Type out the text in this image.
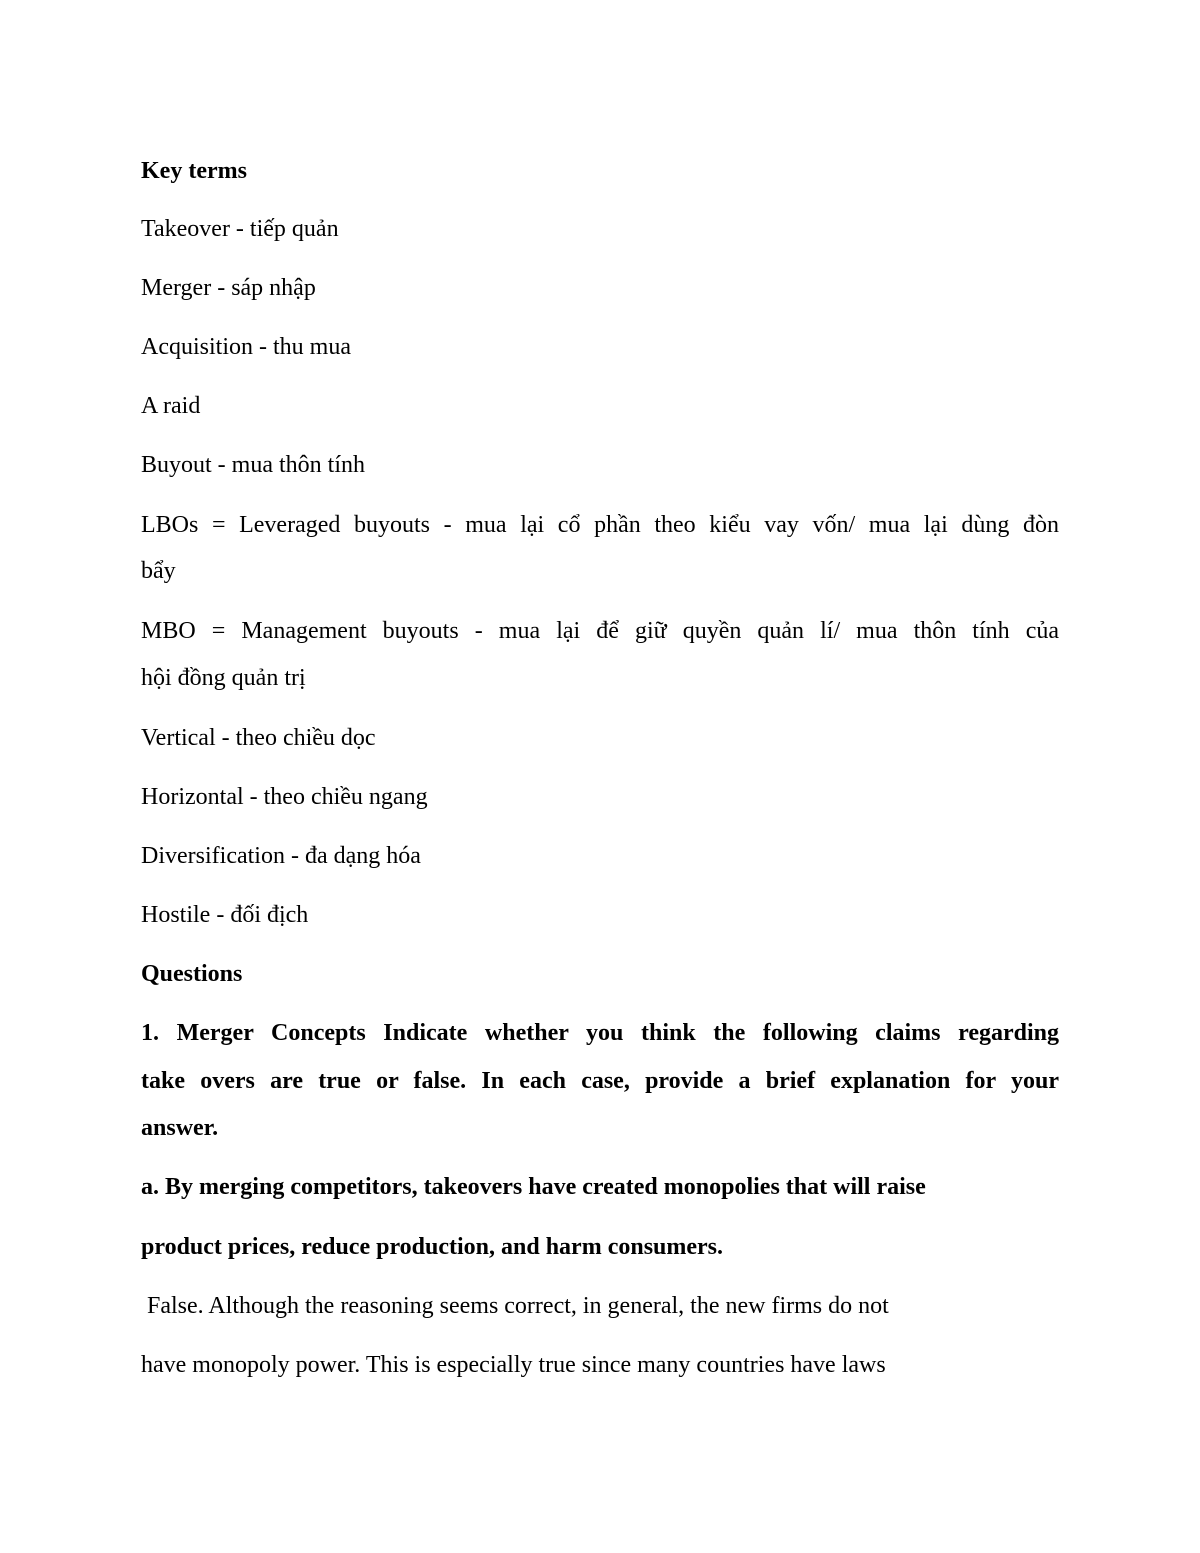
Key terms

Takeover - tiếp quản

Merger - sáp nhập

Acquisition - thu mua

A raid

Buyout - mua thôn tính

LBOs = Leveraged buyouts - mua lại cổ phần theo kiểu vay vốn/ mua lại dùng đòn

bẩy

MBO = Management buyouts - mua lại để giữ quyền quản lí/ mua thôn tính của

hội đồng quản trị

Vertical - theo chiều dọc

Horizontal - theo chiều ngang

Diversification - đa dạng hóa

Hostile - đối địch

Questions

1. Merger Concepts Indicate whether you think the following claims regarding

take overs are true or false. In each case, provide a brief explanation for your

answer.

a. By merging competitors, takeovers have created monopolies that will raise

product prices, reduce production, and harm consumers.

False. Although the reasoning seems correct, in general, the new firms do not

have monopoly power. This is especially true since many countries have laws
